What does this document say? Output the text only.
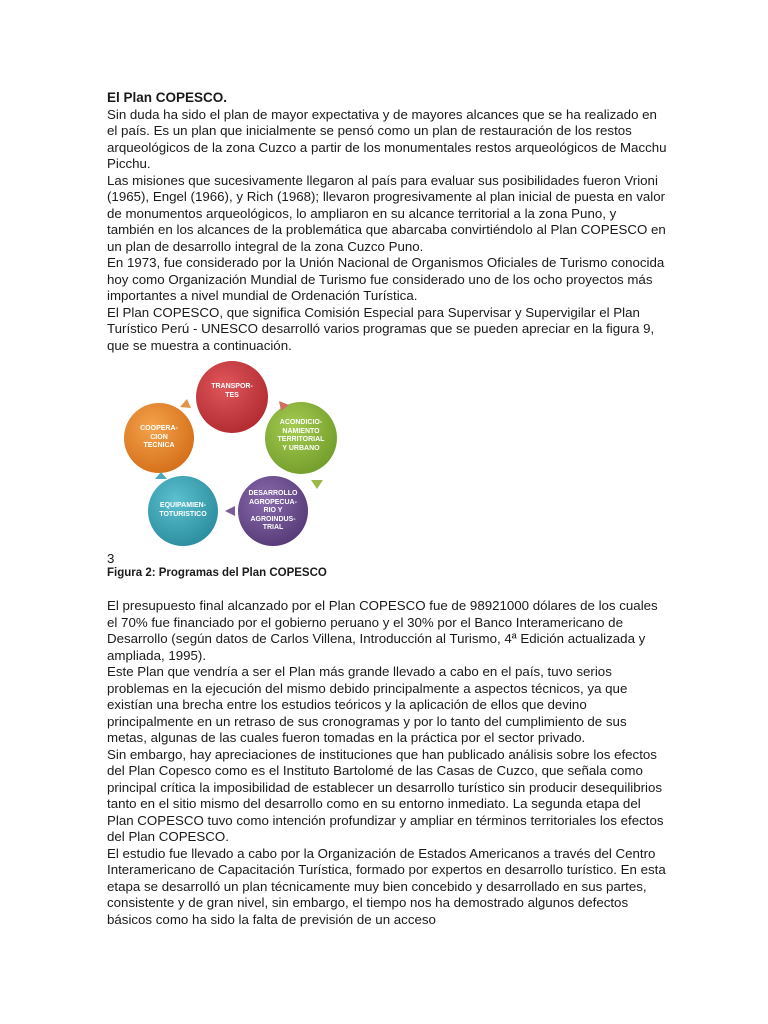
El Plan COPESCO.

Sin duda ha sido el plan de mayor expectativa y de mayores alcances que se ha realizado en el país. Es un plan que inicialmente se pensó como un plan de restauración de los restos arqueológicos de la zona Cuzco a partir de los monumentales restos arqueológicos de Macchu Picchu.

Las misiones que sucesivamente llegaron al país para evaluar sus posibilidades fueron Vrioni (1965), Engel (1966), y Rich (1968); llevaron progresivamente al plan inicial de puesta en valor de monumentos arqueológicos, lo ampliaron en su alcance territorial a la zona Puno, y también en los alcances de la problemática que abarcaba convirtiéndolo al Plan COPESCO en un plan de desarrollo integral de la zona Cuzco Puno.

En 1973, fue considerado por la Unión Nacional de Organismos Oficiales de Turismo conocida hoy como Organización Mundial de Turismo fue considerado uno de los ocho proyectos más importantes a nivel mundial de Ordenación Turística.

El Plan COPESCO, que significa Comisión Especial para Supervisar y Supervigilar el Plan Turístico Perú - UNESCO desarrolló varios programas que se pueden apreciar en la figura 9, que se muestra a continuación.

TRANSPOR-
TES
ACONDICIO-
NAMIENTO
TERRITORIAL
Y URBANO
DESARROLLO
AGROPECUA-
RIO Y
AGROINDUS-
TRIAL
EQUIPAMIEN-
TOTURISTICO
COOPERA-
CION
TECNICA

3

Figura 2: Programas del Plan COPESCO

El presupuesto final alcanzado por el Plan COPESCO fue de 98921000 dólares de los cuales el 70% fue financiado por el gobierno peruano y el 30% por el Banco Interamericano de Desarrollo (según datos de Carlos Villena, Introducción al Turismo, 4ª Edición actualizada y ampliada, 1995).

Este Plan que vendría a ser el Plan más grande llevado a cabo en el país, tuvo serios problemas en la ejecución del mismo debido principalmente a aspectos técnicos, ya que existían una brecha entre los estudios teóricos y la aplicación de ellos que devino principalmente en un retraso de sus cronogramas y por lo tanto del cumplimiento de sus metas, algunas de las cuales fueron tomadas en la práctica por el sector privado.

Sin embargo, hay apreciaciones de instituciones que han publicado análisis sobre los efectos del Plan Copesco como es el Instituto Bartolomé de las Casas de Cuzco, que señala como principal crítica la imposibilidad de establecer un desarrollo turístico sin producir desequilibrios tanto en el sitio mismo del desarrollo como en su entorno inmediato. La segunda etapa del Plan COPESCO tuvo como intención profundizar y ampliar en términos territoriales los efectos del Plan COPESCO.

El estudio fue llevado a cabo por la Organización de Estados Americanos a través del Centro Interamericano de Capacitación Turística, formado por expertos en desarrollo turístico. En esta etapa se desarrolló un plan técnicamente muy bien concebido y desarrollado en sus partes, consistente y de gran nivel, sin embargo, el tiempo nos ha demostrado algunos defectos básicos como ha sido la falta de previsión de un acceso
